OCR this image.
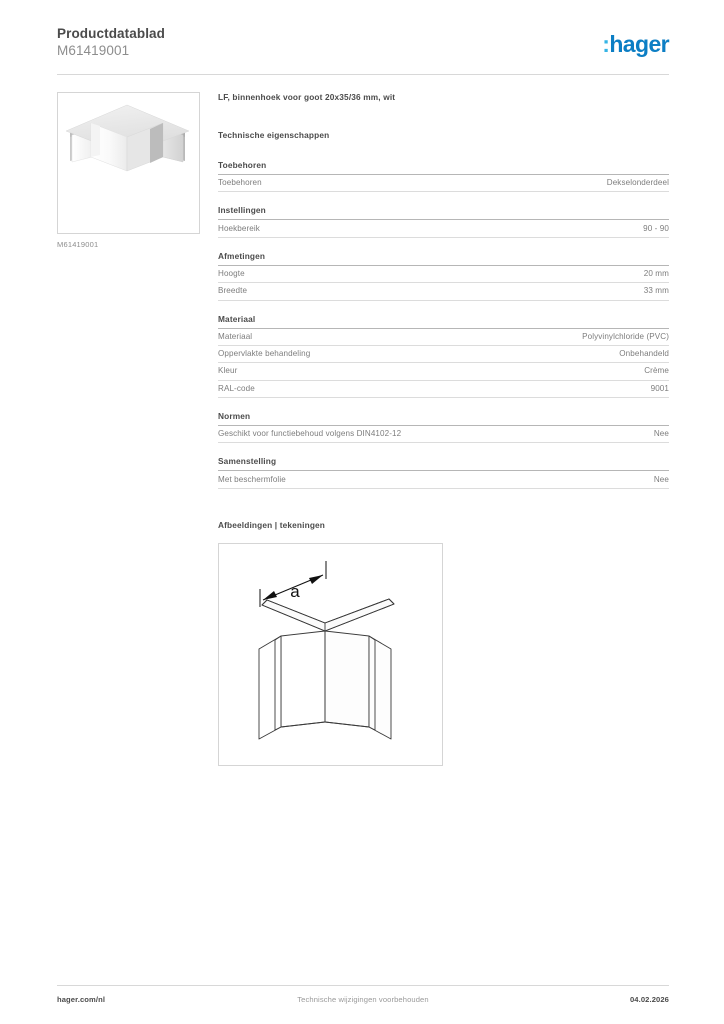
Productdatablad
M61419001	:hager
M61419001
LF, binnenhoek voor goot 20x35/36 mm, wit
Technische eigenschappen
Toebehoren
Toebehoren	Dekselonderdeel
Instellingen
Hoekbereik	90 - 90
Afmetingen
Hoogte	20 mm
Breedte	33 mm
Materiaal
Materiaal	Polyvinylchloride (PVC)
Oppervlakte behandeling	Onbehandeld
Kleur	Crème
RAL-code	9001
Normen
Geschikt voor functiebehoud volgens DIN4102-12	Nee
Samenstelling
Met beschermfolie	Nee
Afbeeldingen | tekeningen
a
Technische wijzigingen voorbehouden
hager.com/nl	04.02.2026
